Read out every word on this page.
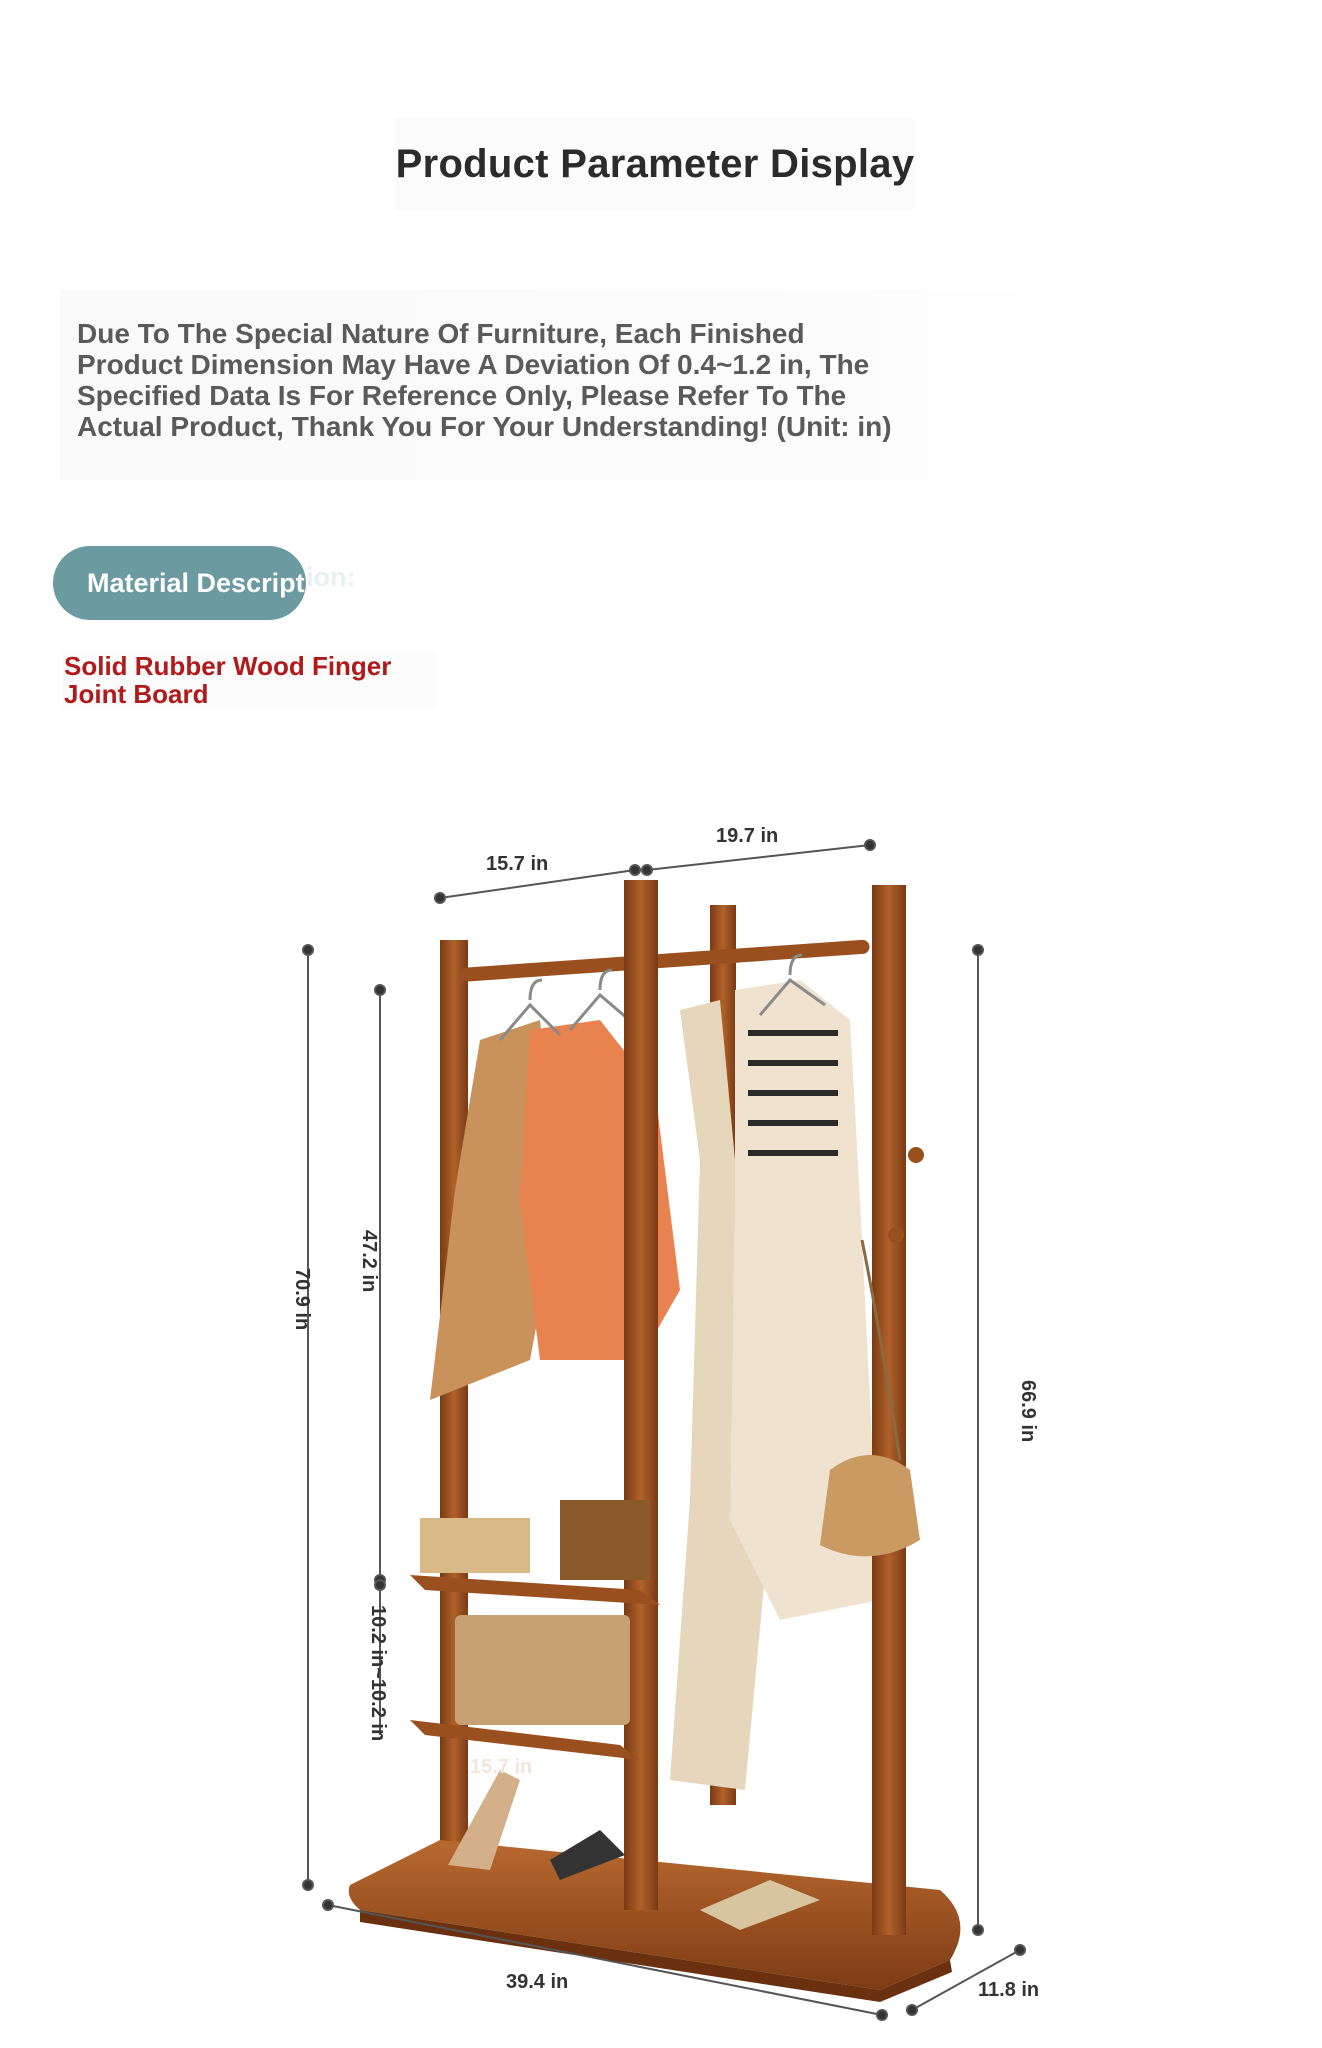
Product Parameter Display
Due To The Special Nature Of Furniture, Each Finished
Product Dimension May Have A Deviation Of 0.4~1.2 in, The
Specified Data Is For Reference Only, Please Refer To The
Actual Product, Thank You For Your Understanding! (Unit: in)
Material Descript ion:
Solid Rubber Wood Finger
Joint Board
15.7 in
19.7 in
70.9 in
47.2 in
10.2 in~10.2 in
66.9 in
15.7 in
39.4 in	11.8 in
